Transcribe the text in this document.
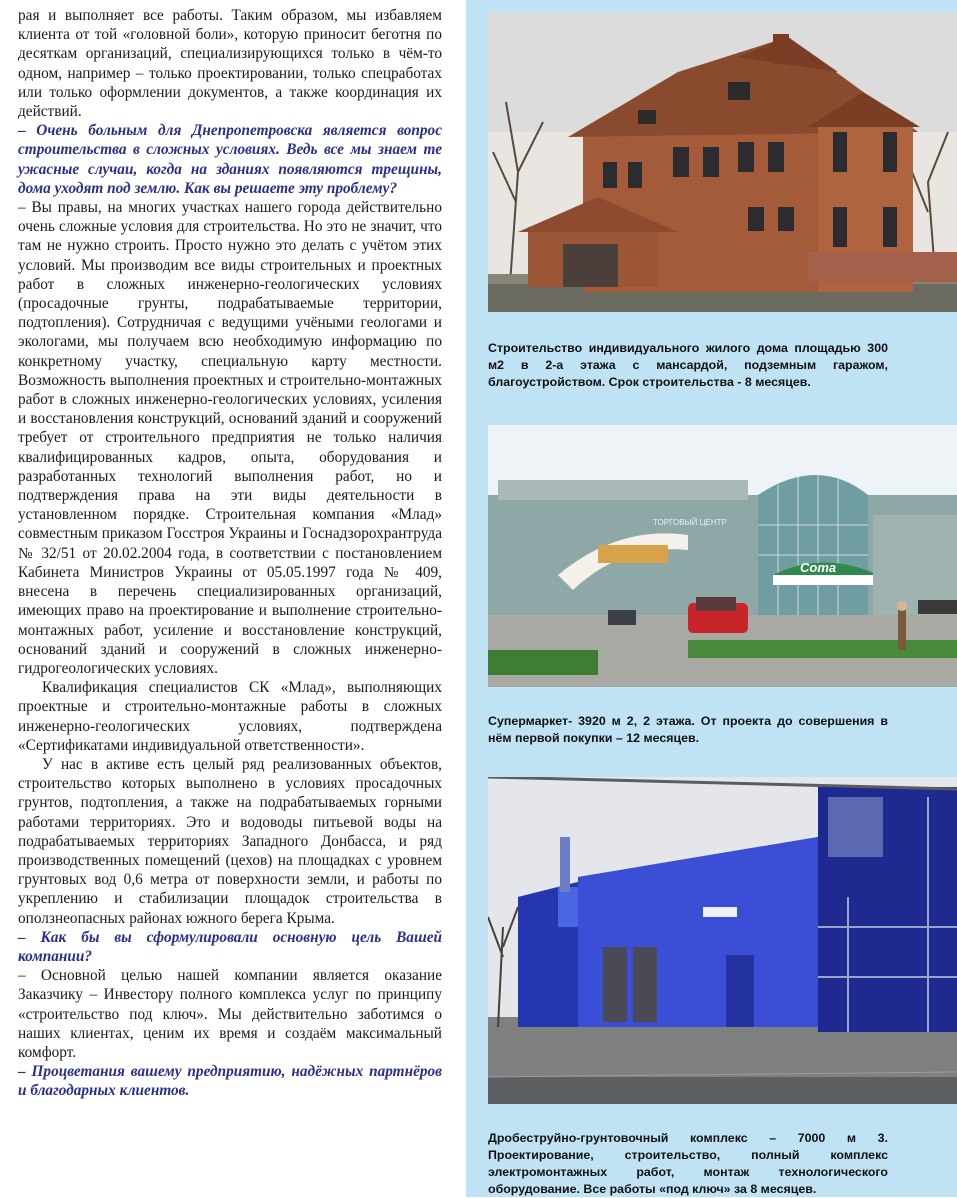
рая и выполняет все работы. Таким образом, мы избавляем клиента от той «головной боли», которую приносит беготня по десяткам организаций, специализирующихся только в чём-то одном, например – только проектировании, только спецработах или только оформлении документов, а также координация их действий.

– Очень больным для Днепропетровска является вопрос строительства в сложных условиях. Ведь все мы знаем те ужасные случаи, когда на зданиях появляются трещины, дома уходят под землю. Как вы решаете эту проблему?

– Вы правы, на многих участках нашего города действительно очень сложные условия для строительства. Но это не значит, что там не нужно строить. Просто нужно это делать с учётом этих условий. Мы производим все виды строительных и проектных работ в сложных инженерно-геологических условиях (просадочные грунты, подрабатываемые территории, подтопления). Сотрудничая с ведущими учёными геологами и экологами, мы получаем всю необходимую информацию по конкретному участку, специальную карту местности. Возможность выполнения проектных и строительно-монтажных работ в сложных инженерно-геологических условиях, усиления и восстановления конструкций, оснований зданий и сооружений требует от строительного предприятия не только наличия квалифицированных кадров, опыта, оборудования и разработанных технологий выполнения работ, но и подтверждения права на эти виды деятельности в установленном порядке. Строительная компания «Млад» совместным приказом Госстроя Украины и Госнадзорохрантруда № 32/51 от 20.02.2004 года, в соответствии с постановлением Кабинета Министров Украины от 05.05.1997 года № 409, внесена в перечень специализированных организаций, имеющих право на проектирование и выполнение строительно-монтажных работ, усиление и восстановление конструкций, оснований зданий и сооружений в сложных инженерно-гидрогеологических условиях.

Квалификация специалистов СК «Млад», выполняющих проектные и строительно-монтажные работы в сложных инженерно-геологических условиях, подтверждена «Сертификатами индивидуальной ответственности».

У нас в активе есть целый ряд реализованных объектов, строительство которых выполнено в условиях просадочных грунтов, подтопления, а также на подрабатываемых горными работами территориях. Это и водоводы питьевой воды на подрабатываемых территориях Западного Донбасса, и ряд производственных помещений (цехов) на площадках с уровнем грунтовых вод 0,6 метра от поверхности земли, и работы по укреплению и стабилизации площадок строительства в оползнеопасных районах южного берега Крыма.

– Как бы вы сформулировали основную цель Вашей компании?

– Основной целью нашей компании является оказание Заказчику – Инвестору полного комплекса услуг по принципу «строительство под ключ». Мы действительно заботимся о наших клиентах, ценим их время и создаём максимальный комфорт.

– Процветания вашему предприятию, надёжных партнёров и благодарных клиентов.

Строительство индивидуального жилого дома площадью 300 м2 в 2-а этажа с мансардой, подземным гаражом, благоустройством. Срок строительства - 8 месяцев.
Сота
ТОРГОВЫЙ ЦЕНТР
Супермаркет- 3920 м 2, 2 этажа. От проекта до совершения в нём первой покупки – 12 месяцев.
Дробеструйно-грунтовочный комплекс – 7000 м 3. Проектирование, строительство, полный комплекс электромонтажных работ, монтаж технологического оборудование. Все работы «под ключ» за 8 месяцев.
